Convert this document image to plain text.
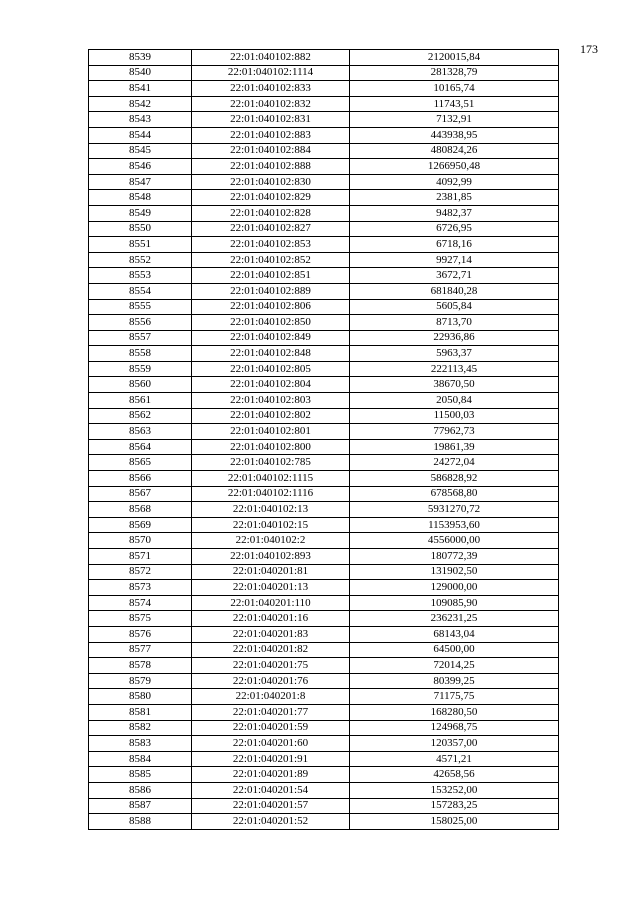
173
8539	22:01:040102:882	2120015,84
8540	22:01:040102:1114	281328,79
8541	22:01:040102:833	10165,74
8542	22:01:040102:832	11743,51
8543	22:01:040102:831	7132,91
8544	22:01:040102:883	443938,95
8545	22:01:040102:884	480824,26
8546	22:01:040102:888	1266950,48
8547	22:01:040102:830	4092,99
8548	22:01:040102:829	2381,85
8549	22:01:040102:828	9482,37
8550	22:01:040102:827	6726,95
8551	22:01:040102:853	6718,16
8552	22:01:040102:852	9927,14
8553	22:01:040102:851	3672,71
8554	22:01:040102:889	681840,28
8555	22:01:040102:806	5605,84
8556	22:01:040102:850	8713,70
8557	22:01:040102:849	22936,86
8558	22:01:040102:848	5963,37
8559	22:01:040102:805	222113,45
8560	22:01:040102:804	38670,50
8561	22:01:040102:803	2050,84
8562	22:01:040102:802	11500,03
8563	22:01:040102:801	77962,73
8564	22:01:040102:800	19861,39
8565	22:01:040102:785	24272,04
8566	22:01:040102:1115	586828,92
8567	22:01:040102:1116	678568,80
8568	22:01:040102:13	5931270,72
8569	22:01:040102:15	1153953,60
8570	22:01:040102:2	4556000,00
8571	22:01:040102:893	180772,39
8572	22:01:040201:81	131902,50
8573	22:01:040201:13	129000,00
8574	22:01:040201:110	109085,90
8575	22:01:040201:16	236231,25
8576	22:01:040201:83	68143,04
8577	22:01:040201:82	64500,00
8578	22:01:040201:75	72014,25
8579	22:01:040201:76	80399,25
8580	22:01:040201:8	71175,75
8581	22:01:040201:77	168280,50
8582	22:01:040201:59	124968,75
8583	22:01:040201:60	120357,00
8584	22:01:040201:91	4571,21
8585	22:01:040201:89	42658,56
8586	22:01:040201:54	153252,00
8587	22:01:040201:57	157283,25
8588	22:01:040201:52	158025,00
